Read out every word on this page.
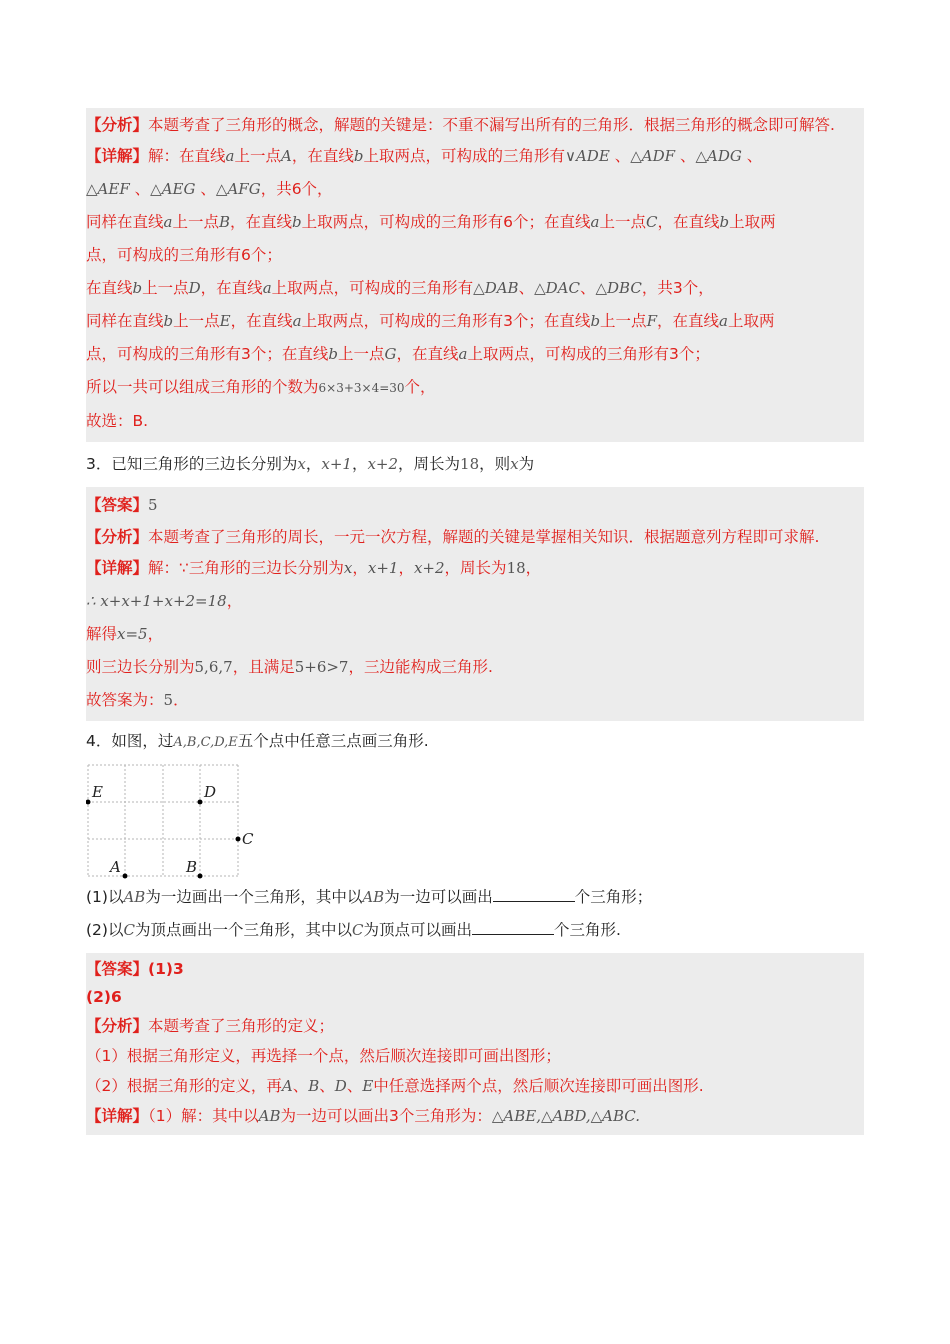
【分析】本题考查了三角形的概念，解题的关键是：不重不漏写出所有的三角形．根据三角形的概念即可解答.
【详解】解：在直线a上一点A，在直线b上取两点，可构成的三角形有∨ADE 、△ADF 、△ADG 、
△AEF 、△AEG 、△AFG，共6个，
同样在直线a上一点B，在直线b上取两点，可构成的三角形有6个；在直线a上一点C，在直线b上取两
点，可构成的三角形有6个；
在直线b上一点D，在直线a上取两点，可构成的三角形有△DAB、△DAC、△DBC，共3个，
同样在直线b上一点E，在直线a上取两点，可构成的三角形有3个；在直线b上一点F，在直线a上取两
点，可构成的三角形有3个；在直线b上一点G，在直线a上取两点，可构成的三角形有3个；
所以一共可以组成三角形的个数为6×3+3×4=30个，
故选：B.
3．已知三角形的三边长分别为x，x+1，x+2，周长为18，则x为
【答案】5
【分析】本题考查了三角形的周长，一元一次方程，解题的关键是掌握相关知识．根据题意列方程即可求解.
【详解】解：∵三角形的三边长分别为x，x+1，x+2，周长为18，
∴ x+x+1+x+2=18，
解得x=5，
则三边长分别为5,6,7，且满足5+6>7，三边能构成三角形.
故答案为：5．
4．如图，过A,B,C,D,E五个点中任意三点画三角形.
E	D
C
A	B
(1)以AB为一边画出一个三角形，其中以AB为一边可以画出	个三角形；
(2)以C为顶点画出一个三角形，其中以C为顶点可以画出	个三角形.
【答案】(1)3
(2)6
【分析】本题考查了三角形的定义；
（1）根据三角形定义，再选择一个点，然后顺次连接即可画出图形；
（2）根据三角形的定义，再A、B、D、E中任意选择两个点，然后顺次连接即可画出图形.
【详解】（1）解：其中以AB为一边可以画出3个三角形为：△ABE,△ABD,△ABC.
